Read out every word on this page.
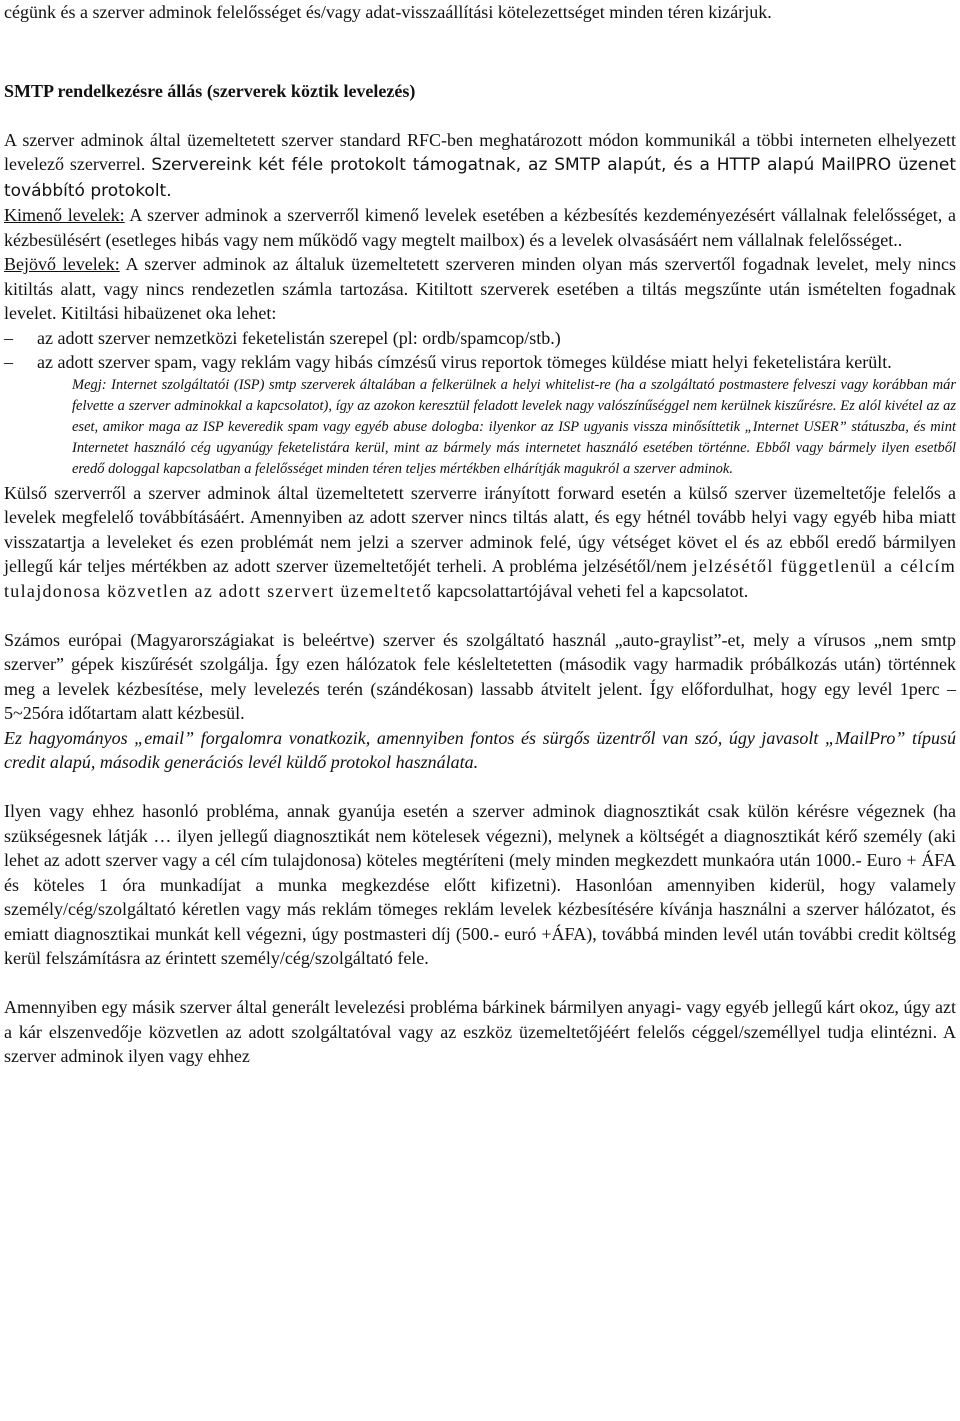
cégünk és a szerver adminok felelősséget és/vagy adat-visszaállítási kötelezettséget minden téren kizárjuk.

SMTP rendelkezésre állás (szerverek köztik levelezés)

A szerver adminok által üzemeltetett szerver standard RFC-ben meghatározott módon kommunikál a többi interneten elhelyezett levelező szerverrel. Szervereink két féle protokolt támogatnak, az SMTP alapút, és a HTTP alapú MailPRO üzenet továbbító protokolt.

Kimenő levelek: A szerver adminok a szerverről kimenő levelek esetében a kézbesítés kezdeményezésért vállalnak felelősséget, a kézbesülésért (esetleges hibás vagy nem működő vagy megtelt mailbox) és a levelek olvasásáért nem vállalnak felelősséget..

Bejövő levelek: A szerver adminok az általuk üzemeltetett szerveren minden olyan más szervertől fogadnak levelet, mely nincs kitiltás alatt, vagy nincs rendezetlen számla tartozása. Kitiltott szerverek esetében a tiltás megszűnte után ismételten fogadnak levelet. Kitiltási hibaüzenet oka lehet:

– az adott szerver nemzetközi feketelistán szerepel (pl: ordb/spamcop/stb.)
– az adott szerver spam, vagy reklám vagy hibás címzésű virus reportok tömeges küldése miatt helyi feketelistára került.

Megj: Internet szolgáltatói (ISP) smtp szerverek általában a felkerülnek a helyi whitelist-re (ha a szolgáltató postmastere felveszi vagy korábban már felvette a szerver adminokkal a kapcsolatot), így az azokon keresztül feladott levelek nagy valószínűséggel nem kerülnek kiszűrésre. Ez alól kivétel az az eset, amikor maga az ISP keveredik spam vagy egyéb abuse dologba: ilyenkor az ISP ugyanis vissza minősíttetik „Internet USER” státuszba, és mint Internetet használó cég ugyanúgy feketelistára kerül, mint az bármely más internetet használó esetében történne. Ebből vagy bármely ilyen esetből eredő dologgal kapcsolatban a felelősséget minden téren teljes mértékben elhárítják magukról a szerver adminok.

Külső szerverről a szerver adminok által üzemeltetett szerverre irányított forward esetén a külső szerver üzemeltetője felelős a levelek megfelelő továbbításáért. Amennyiben az adott szerver nincs tiltás alatt, és egy hétnél tovább helyi vagy egyéb hiba miatt visszatartja a leveleket és ezen problémát nem jelzi a szerver adminok felé, úgy vétséget követ el és az ebből eredő bármilyen jellegű kár teljes mértékben az adott szerver üzemeltetőjét terheli. A probléma jelzésétől/nem jelzésétől függetlenül a célcím tulajdonosa közvetlen az adott szervert üzemeltető kapcsolattartójával veheti fel a kapcsolatot.

Számos európai (Magyarországiakat is beleértve) szerver és szolgáltató használ „auto-graylist”-et, mely a vírusos „nem smtp szerver” gépek kiszűrését szolgálja. Így ezen hálózatok fele késleltetetten (második vagy harmadik próbálkozás után) történnek meg a levelek kézbesítése, mely levelezés terén (szándékosan) lassabb átvitelt jelent. Így előfordulhat, hogy egy levél 1perc – 5~25óra időtartam alatt kézbesül.

Ez hagyományos „email” forgalomra vonatkozik, amennyiben fontos és sürgős üzentről van szó, úgy javasolt „MailPro” típusú credit alapú, második generációs levél küldő protokol használata.

Ilyen vagy ehhez hasonló probléma, annak gyanúja esetén a szerver adminok diagnosztikát csak külön kérésre végeznek (ha szükségesnek látják … ilyen jellegű diagnosztikát nem kötelesek végezni), melynek a költségét a diagnosztikát kérő személy (aki lehet az adott szerver vagy a cél cím tulajdonosa) köteles megtéríteni (mely minden megkezdett munkaóra után 1000.- Euro + ÁFA és köteles 1 óra munkadíjat a munka megkezdése előtt kifizetni). Hasonlóan amennyiben kiderül, hogy valamely személy/cég/szolgáltató kéretlen vagy más reklám tömeges reklám levelek kézbesítésére kívánja használni a szerver hálózatot, és emiatt diagnosztikai munkát kell végezni, úgy postmasteri díj (500.- euró +ÁFA), továbbá minden levél után további credit költség kerül felszámításra az érintett személy/cég/szolgáltató fele.

Amennyiben egy másik szerver által generált levelezési probléma bárkinek bármilyen anyagi- vagy egyéb jellegű kárt okoz, úgy azt a kár elszenvedője közvetlen az adott szolgáltatóval vagy az eszköz üzemeltetőjéért felelős céggel/személlyel tudja elintézni. A szerver adminok ilyen vagy ehhez
